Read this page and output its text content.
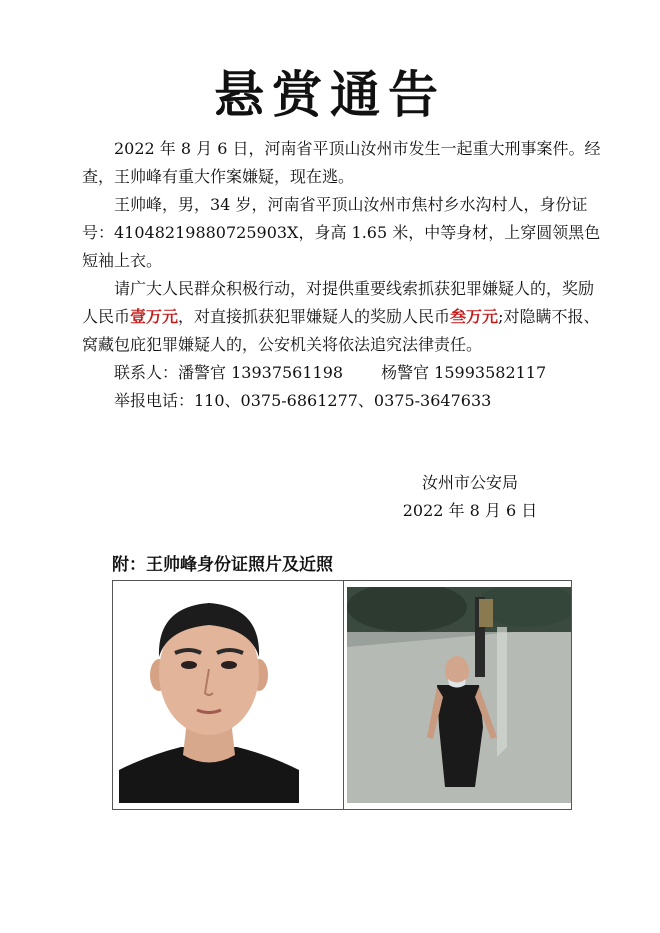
悬赏通告

2022 年 8 月 6 日，河南省平顶山汝州市发生一起重大刑事案件。经查，王帅峰有重大作案嫌疑，现在逃。

王帅峰，男，34 岁，河南省平顶山汝州市焦村乡水沟村人，身份证号：41048219880725903X，身高 1.65 米，中等身材，上穿圆领黑色短袖上衣。

请广大人民群众积极行动，对提供重要线索抓获犯罪嫌疑人的，奖励人民币壹万元，对直接抓获犯罪嫌疑人的奖励人民币叁万元;对隐瞒不报、窝藏包庇犯罪嫌疑人的，公安机关将依法追究法律责任。

联系人：潘警官 13937561198 杨警官 15993582117
举报电话：110、0375-6861277、0375-3647633
汝州市公安局
2022 年 8 月 6 日
附：王帅峰身份证照片及近照
